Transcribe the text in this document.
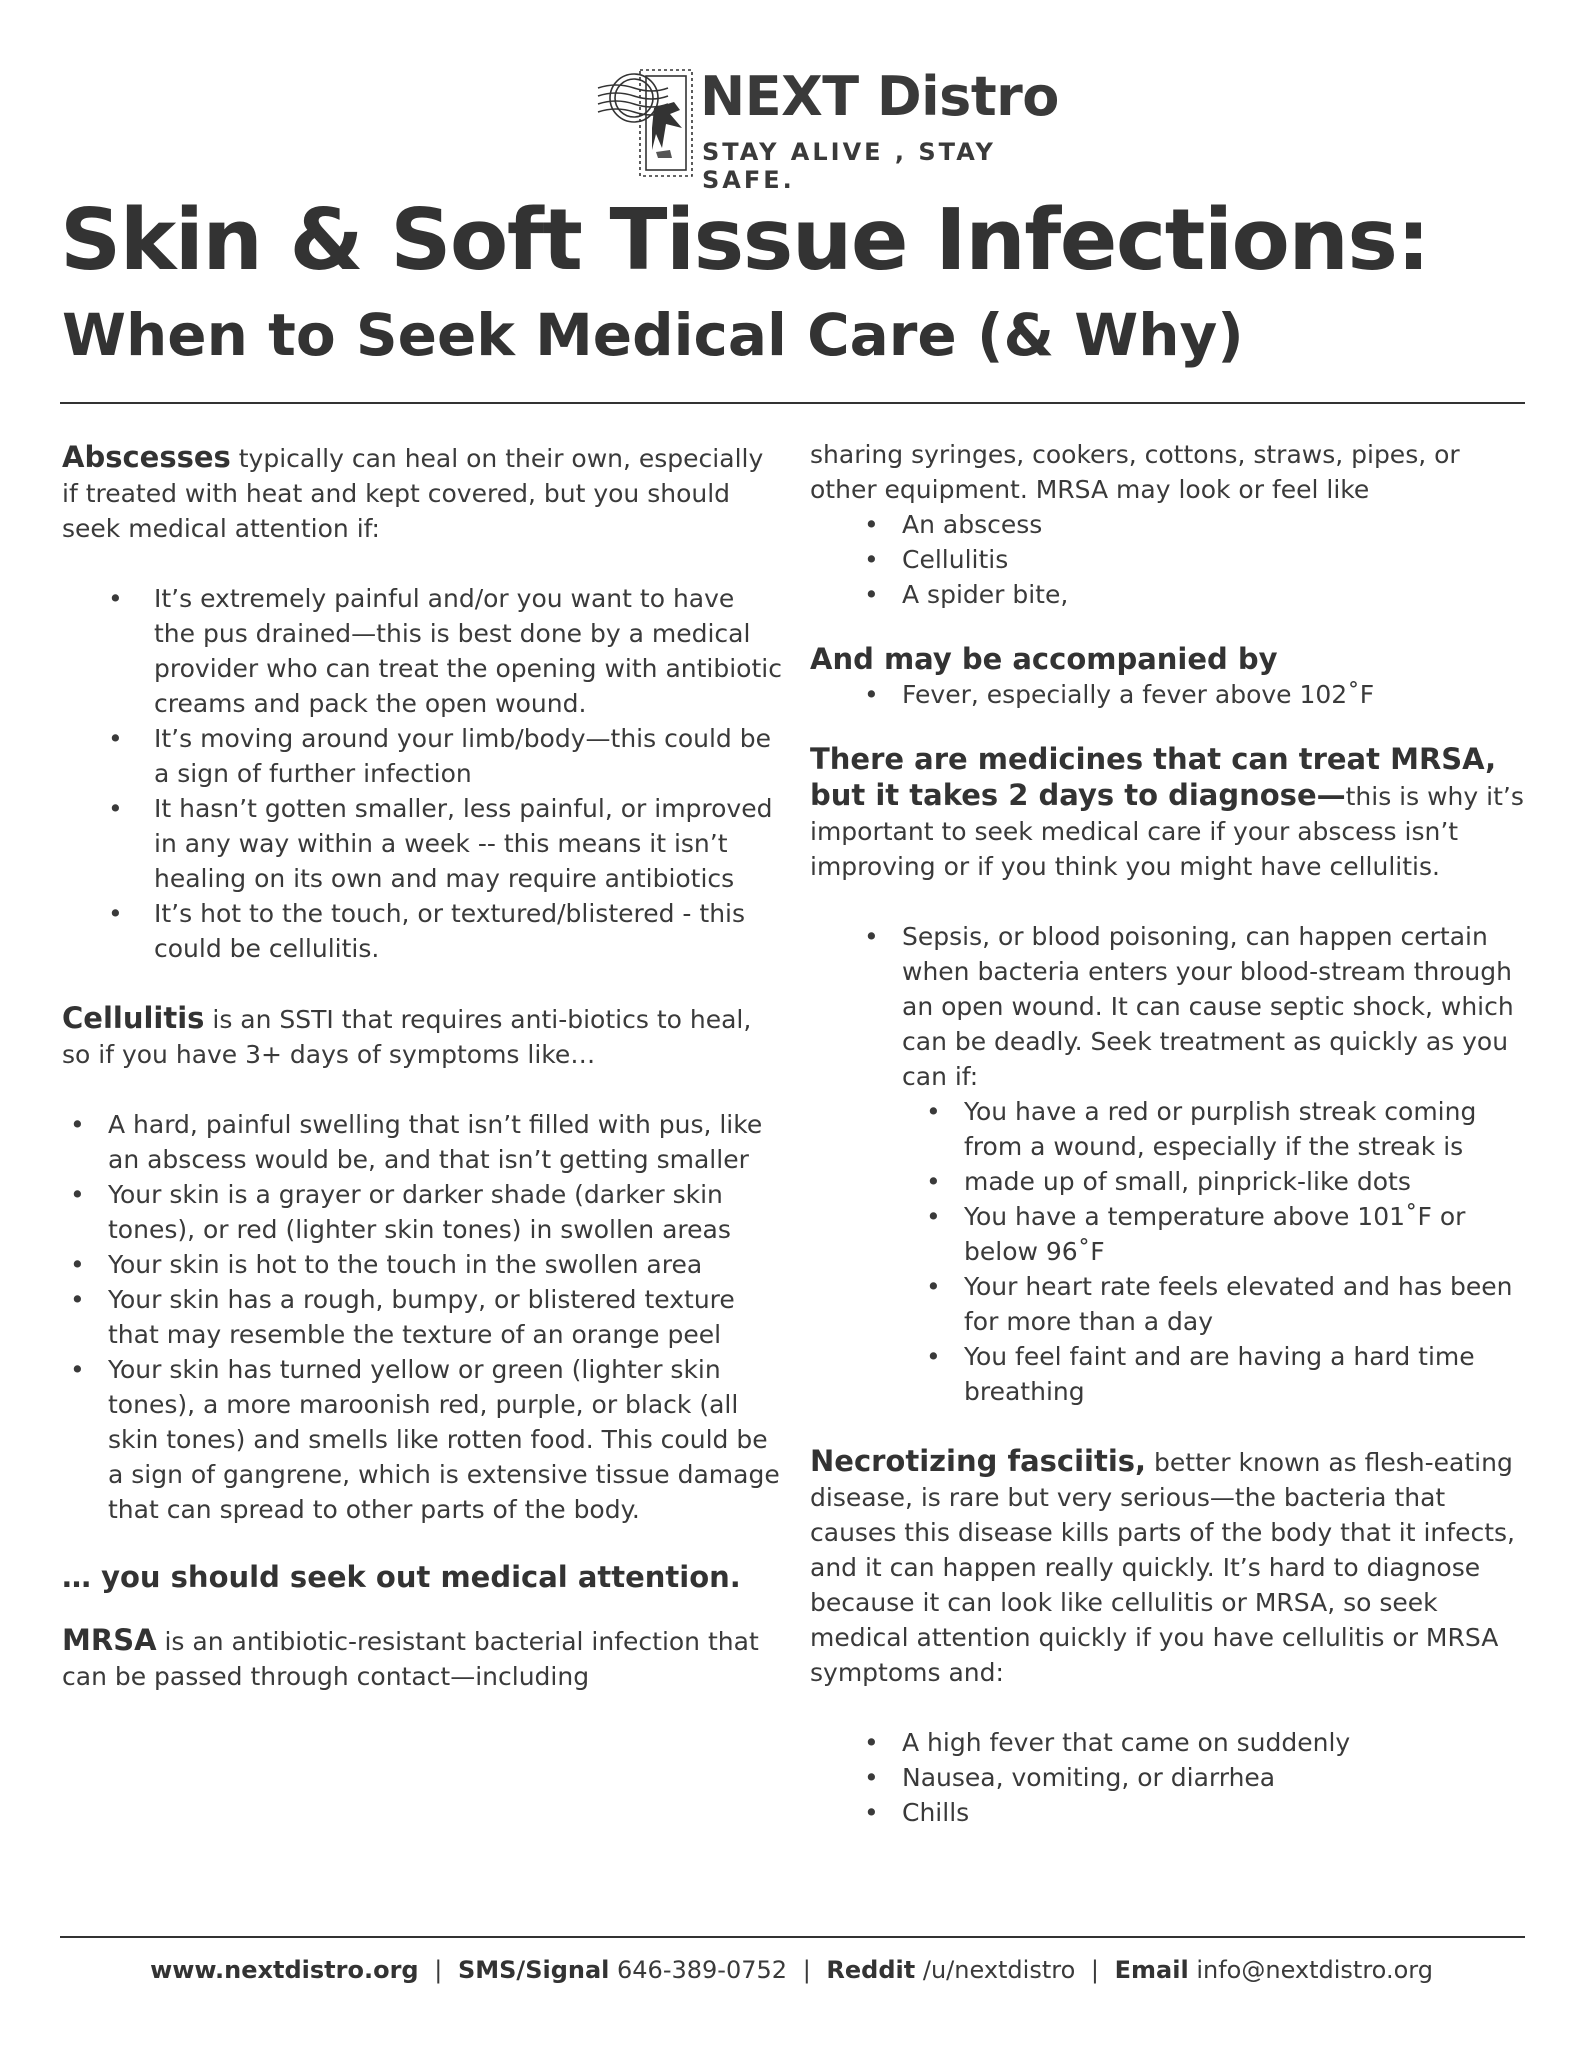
NEXT Distro
STAY ALIVE , STAY SAFE.
Skin & Soft Tissue Infections:
When to Seek Medical Care (& Why)

Abscesses typically can heal on their own, especially if treated with heat and kept covered, but you should seek medical attention if:

• It’s extremely painful and/or you want to have the pus drained—this is best done by a medical provider who can treat the opening with antibiotic creams and pack the open wound.
• It’s moving around your limb/body—this could be a sign of further infection
• It hasn’t gotten smaller, less painful, or improved in any way within a week -- this means it isn’t healing on its own and may require antibiotics
• It’s hot to the touch, or textured/blistered - this could be cellulitis.

Cellulitis is an SSTI that requires anti-biotics to heal, so if you have 3+ days of symptoms like…

• A hard, painful swelling that isn’t filled with pus, like an abscess would be, and that isn’t getting smaller
• Your skin is a grayer or darker shade (darker skin tones), or red (lighter skin tones) in swollen areas
• Your skin is hot to the touch in the swollen area
• Your skin has a rough, bumpy, or blistered texture that may resemble the texture of an orange peel
• Your skin has turned yellow or green (lighter skin tones), a more maroonish red, purple, or black (all skin tones) and smells like rotten food. This could be a sign of gangrene, which is extensive tissue damage that can spread to other parts of the body.

… you should seek out medical attention.

MRSA is an antibiotic-resistant bacterial infection that can be passed through contact—including

sharing syringes, cookers, cottons, straws, pipes, or other equipment. MRSA may look or feel like

• An abscess
• Cellulitis
• A spider bite,

And may be accompanied by

• Fever, especially a fever above 102˚F

There are medicines that can treat MRSA, but it takes 2 days to diagnose—this is why it’s important to seek medical care if your abscess isn’t improving or if you think you might have cellulitis.

• Sepsis, or blood poisoning, can happen certain when bacteria enters your blood-stream through an open wound. It can cause septic shock, which can be deadly. Seek treatment as quickly as you can if:
• You have a red or purplish streak coming from a wound, especially if the streak is
• made up of small, pinprick-like dots
• You have a temperature above 101˚F or below 96˚F
• Your heart rate feels elevated and has been for more than a day
• You feel faint and are having a hard time breathing

Necrotizing fasciitis, better known as flesh-eating disease, is rare but very serious—the bacteria that causes this disease kills parts of the body that it infects, and it can happen really quickly. It’s hard to diagnose because it can look like cellulitis or MRSA, so seek medical attention quickly if you have cellulitis or MRSA symptoms and:

• A high fever that came on suddenly
• Nausea, vomiting, or diarrhea
• Chills
www.nextdistro.org | SMS/Signal 646-389-0752 | Reddit /u/nextdistro | Email info@nextdistro.org
